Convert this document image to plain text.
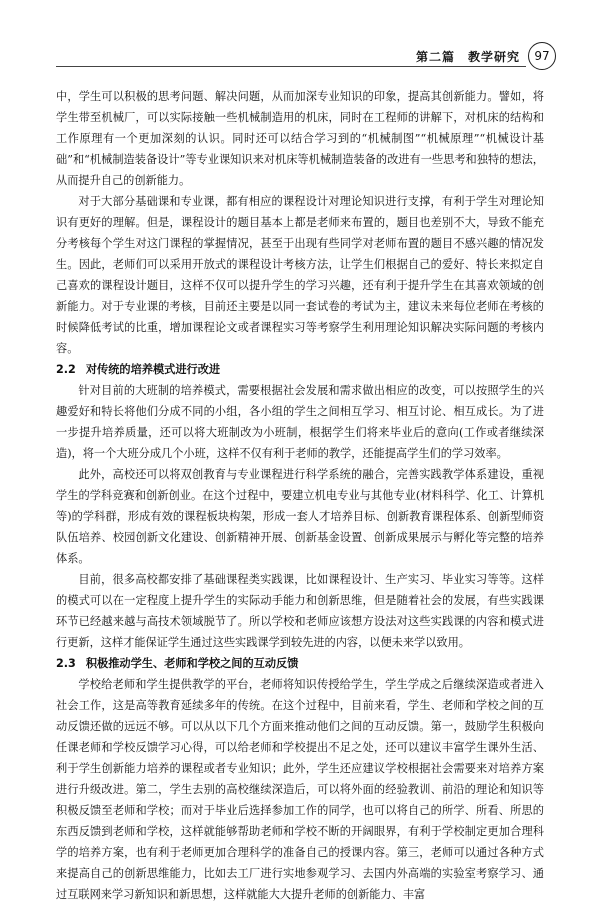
第二篇　教学研究	97

中，学生可以积极的思考问题、解决问题，从而加深专业知识的印象，提高其创新能力。譬如，将学生带至机械厂，可以实际接触一些机械制造用的机床，同时在工程师的讲解下，对机床的结构和工作原理有一个更加深刻的认识。同时还可以结合学习到的“机械制图”“机械原理”“机械设计基础”和“机械制造装备设计”等专业课知识来对机床等机械制造装备的改进有一些思考和独特的想法，从而提升自己的创新能力。

对于大部分基础课和专业课，都有相应的课程设计对理论知识进行支撑，有利于学生对理论知识有更好的理解。但是，课程设计的题目基本上都是老师来布置的，题目也差别不大，导致不能充分考核每个学生对这门课程的掌握情况，甚至于出现有些同学对老师布置的题目不感兴趣的情况发生。因此，老师们可以采用开放式的课程设计考核方法，让学生们根据自己的爱好、特长来拟定自己喜欢的课程设计题目，这样不仅可以提升学生的学习兴趣，还有利于提升学生在其喜欢领域的创新能力。对于专业课的考核，目前还主要是以同一套试卷的考试为主，建议未来每位老师在考核的时候降低考试的比重，增加课程论文或者课程实习等考察学生利用理论知识解决实际问题的考核内容。

2.2 对传统的培养模式进行改进

针对目前的大班制的培养模式，需要根据社会发展和需求做出相应的改变，可以按照学生的兴趣爱好和特长将他们分成不同的小组，各小组的学生之间相互学习、相互讨论、相互成长。为了进一步提升培养质量，还可以将大班制改为小班制，根据学生们将来毕业后的意向(工作或者继续深造)，将一个大班分成几个小班，这样不仅有利于老师的教学，还能提高学生们的学习效率。

此外，高校还可以将双创教育与专业课程进行科学系统的融合，完善实践教学体系建设，重视学生的学科竞赛和创新创业。在这个过程中，要建立机电专业与其他专业(材料科学、化工、计算机等)的学科群，形成有效的课程板块构架，形成一套人才培养目标、创新教育课程体系、创新型师资队伍培养、校园创新文化建设、创新精神开展、创新基金设置、创新成果展示与孵化等完整的培养体系。

目前，很多高校都安排了基础课程类实践课，比如课程设计、生产实习、毕业实习等等。这样的模式可以在一定程度上提升学生的实际动手能力和创新思维，但是随着社会的发展，有些实践课环节已经越来越与高技术领域脱节了。所以学校和老师应该想方设法对这些实践课的内容和模式进行更新，这样才能保证学生通过这些实践课学到较先进的内容，以便未来学以致用。

2.3 积极推动学生、老师和学校之间的互动反馈

学校给老师和学生提供教学的平台，老师将知识传授给学生，学生学成之后继续深造或者进入社会工作，这是高等教育延续多年的传统。在这个过程中，目前来看，学生、老师和学校之间的互动反馈还做的远远不够。可以从以下几个方面来推动他们之间的互动反馈。第一，鼓励学生积极向任课老师和学校反馈学习心得，可以给老师和学校提出不足之处，还可以建议丰富学生课外生活、利于学生创新能力培养的课程或者专业知识；此外，学生还应建议学校根据社会需要来对培养方案进行升级改进。第二，学生去别的高校继续深造后，可以将外面的经验教训、前沿的理论和知识等积极反馈至老师和学校；而对于毕业后选择参加工作的同学，也可以将自己的所学、所看、所思的东西反馈到老师和学校，这样就能够帮助老师和学校不断的开阔眼界，有利于学校制定更加合理科学的培养方案，也有利于老师更加合理科学的准备自己的授课内容。第三，老师可以通过各种方式来提高自己的创新思维能力，比如去工厂进行实地参观学习、去国内外高端的实验室考察学习、通过互联网来学习新知识和新思想，这样就能大大提升老师的创新能力、丰富
